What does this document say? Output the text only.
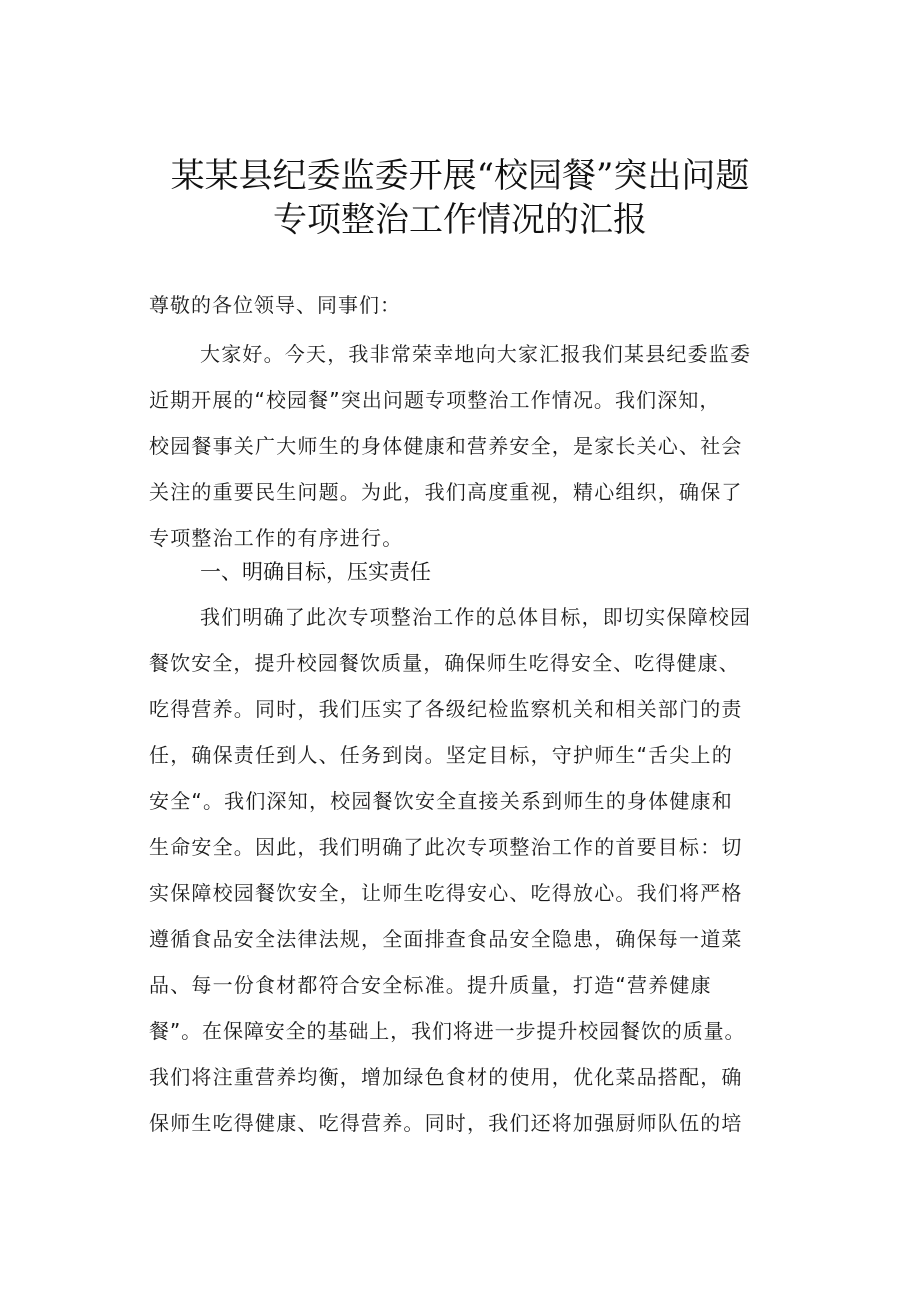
某某县纪委监委开展“校园餐”突出问题
专项整治工作情况的汇报
尊敬的各位领导、同事们：
大家好。今天，我非常荣幸地向大家汇报我们某县纪委监委
近期开展的“校园餐”突出问题专项整治工作情况。我们深知，
校园餐事关广大师生的身体健康和营养安全，是家长关心、社会
关注的重要民生问题。为此，我们高度重视，精心组织，确保了
专项整治工作的有序进行。
一、明确目标，压实责任
我们明确了此次专项整治工作的总体目标，即切实保障校园
餐饮安全，提升校园餐饮质量，确保师生吃得安全、吃得健康、
吃得营养。同时，我们压实了各级纪检监察机关和相关部门的责
任，确保责任到人、任务到岗。坚定目标，守护师生“舌尖上的
安全“。我们深知，校园餐饮安全直接关系到师生的身体健康和
生命安全。因此，我们明确了此次专项整治工作的首要目标：切
实保障校园餐饮安全，让师生吃得安心、吃得放心。我们将严格
遵循食品安全法律法规，全面排查食品安全隐患，确保每一道菜
品、每一份食材都符合安全标准。提升质量，打造“营养健康
餐”。在保障安全的基础上，我们将进一步提升校园餐饮的质量。
我们将注重营养均衡，增加绿色食材的使用，优化菜品搭配，确
保师生吃得健康、吃得营养。同时，我们还将加强厨师队伍的培
